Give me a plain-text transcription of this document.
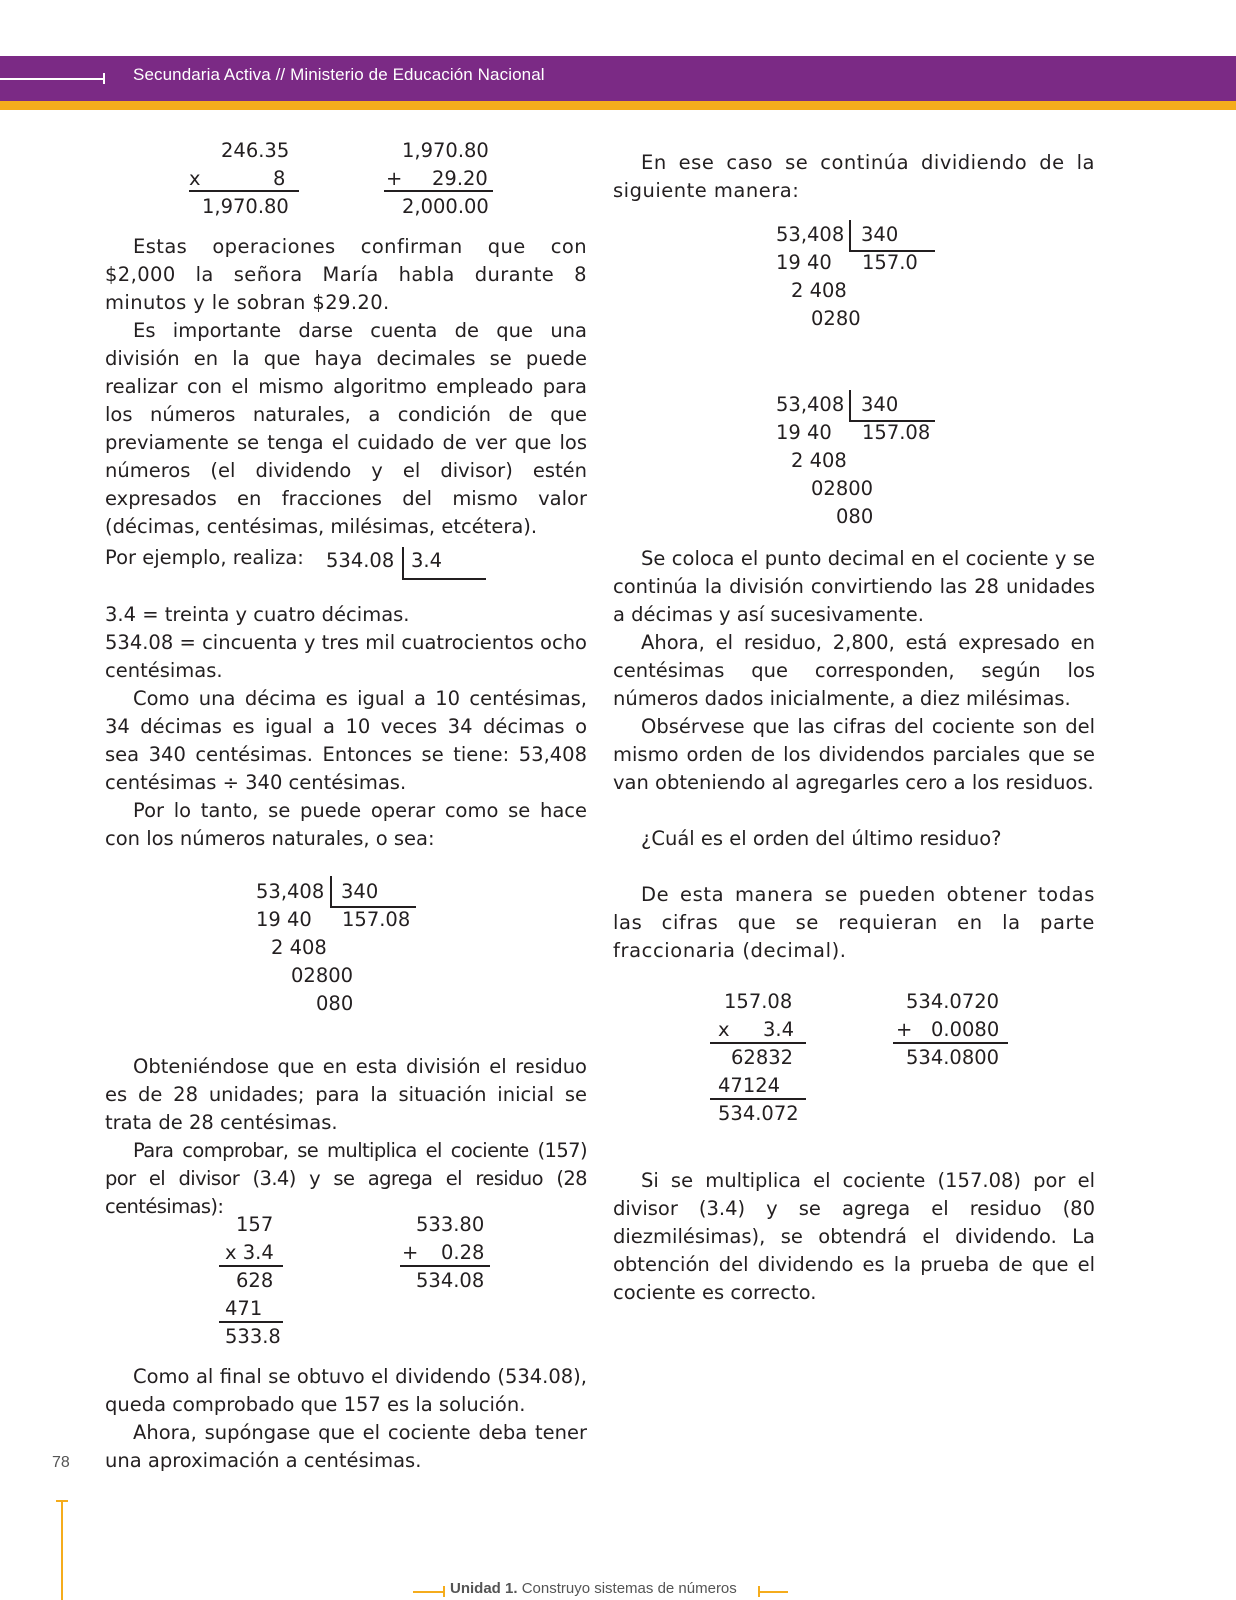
Secundaria Activa // Ministerio de Educación Nacional
246.35
x	8
1,970.80
1,970.80
+ 29.20
2,000.00
Estas operaciones confirman que con $2,000 la señora María habla durante 8 minutos y le sobran $29.20.
Es importante darse cuenta de que una división en la que haya decimales se puede realizar con el mismo algoritmo empleado para los números naturales, a condición de que previamente se tenga el cuidado de ver que los números (el dividendo y el divisor) estén expresados en fracciones del mismo valor (décimas, centésimas, milésimas, etcétera).
Por ejemplo, realiza: 534.08 3.4
3.4 = treinta y cuatro décimas.
534.08 = cincuenta y tres mil cuatrocientos ocho centésimas.
Como una décima es igual a 10 centésimas, 34 décimas es igual a 10 veces 34 décimas o sea 340 centésimas. Entonces se tiene: 53,408 centésimas ÷ 340 centésimas.
Por lo tanto, se puede operar como se hace con los números naturales, o sea:
53,408 340
19 40 157.08
2 408
02800
080
Obteniéndose que en esta división el residuo es de 28 unidades; para la situación inicial se trata de 28 centésimas.
Para comprobar, se multiplica el cociente (157) por el divisor (3.4) y se agrega el residuo (28 centésimas):
157
x 3.4
628
471
533.8
533.80
+ 0.28
534.08
Como al final se obtuvo el dividendo (534.08), queda comprobado que 157 es la solución.
Ahora, supóngase que el cociente deba tener una aproximación a centésimas.
En ese caso se continúa dividiendo de la siguiente manera:
53,408 340
19 40 157.0
2 408
0280
53,408 340
19 40 157.08
2 408
02800
080
Se coloca el punto decimal en el cociente y se continúa la división convirtiendo las 28 unidades a décimas y así sucesivamente.
Ahora, el residuo, 2,800, está expresado en centésimas que corresponden, según los números dados inicialmente, a diez milésimas.
Obsérvese que las cifras del cociente son del mismo orden de los dividendos parciales que se van obteniendo al agregarles cero a los residuos.
¿Cuál es el orden del último residuo?
De esta manera se pueden obtener todas las cifras que se requieran en la parte fraccionaria (decimal).
157.08
x 3.4
62832
47124
534.072
534.0720
+ 0.0080
534.0800
Si se multiplica el cociente (157.08) por el divisor (3.4) y se agrega el residuo (80 diezmilésimas), se obtendrá el dividendo. La obtención del dividendo es la prueba de que el cociente es correcto.
78
Unidad 1. Construyo sistemas de números
